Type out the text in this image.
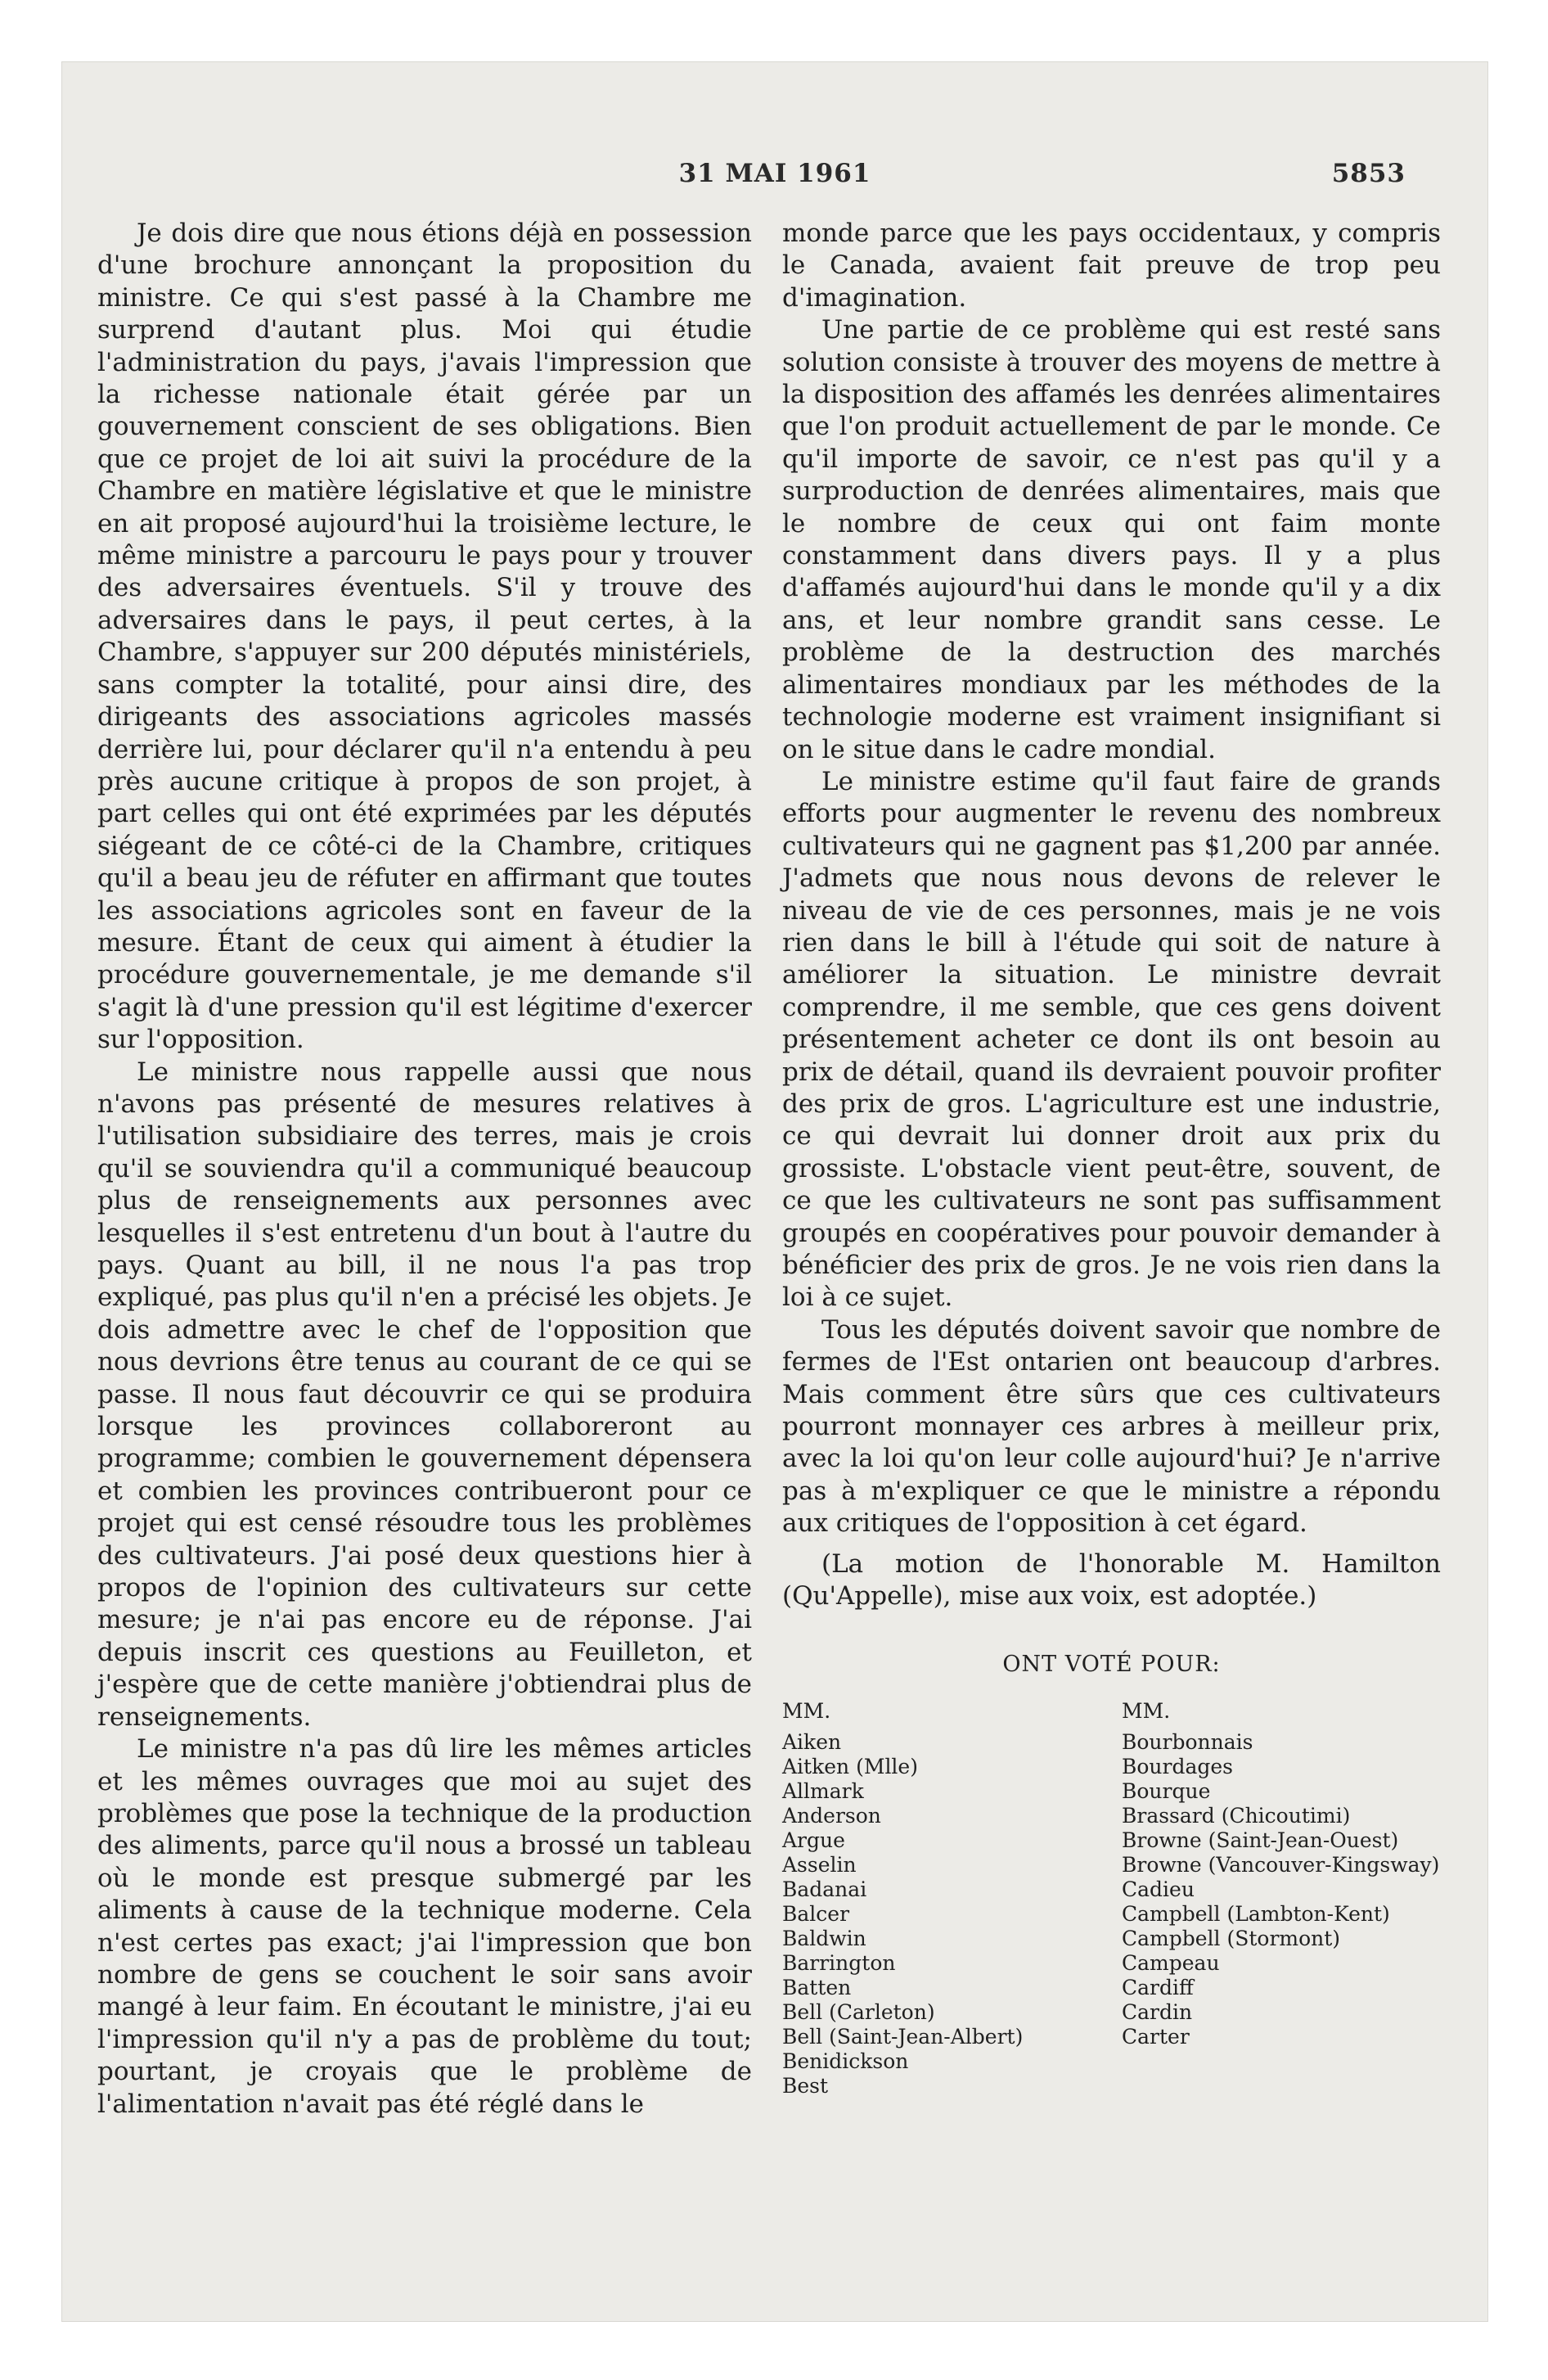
31 MAI 1961	5853

Je dois dire que nous étions déjà en possession d'une brochure annonçant la proposition du ministre. Ce qui s'est passé à la Chambre me surprend d'autant plus. Moi qui étudie l'administration du pays, j'avais l'impression que la richesse nationale était gérée par un gouvernement conscient de ses obligations. Bien que ce projet de loi ait suivi la procédure de la Chambre en matière législative et que le ministre en ait proposé aujourd'hui la troisième lecture, le même ministre a parcouru le pays pour y trouver des adversaires éventuels. S'il y trouve des adversaires dans le pays, il peut certes, à la Chambre, s'appuyer sur 200 députés ministériels, sans compter la totalité, pour ainsi dire, des dirigeants des associations agricoles massés derrière lui, pour déclarer qu'il n'a entendu à peu près aucune critique à propos de son projet, à part celles qui ont été exprimées par les députés siégeant de ce côté-ci de la Chambre, critiques qu'il a beau jeu de réfuter en affirmant que toutes les associations agricoles sont en faveur de la mesure. Étant de ceux qui aiment à étudier la procédure gouvernementale, je me demande s'il s'agit là d'une pression qu'il est légitime d'exercer sur l'opposition.

Le ministre nous rappelle aussi que nous n'avons pas présenté de mesures relatives à l'utilisation subsidiaire des terres, mais je crois qu'il se souviendra qu'il a communiqué beaucoup plus de renseignements aux personnes avec lesquelles il s'est entretenu d'un bout à l'autre du pays. Quant au bill, il ne nous l'a pas trop expliqué, pas plus qu'il n'en a précisé les objets. Je dois admettre avec le chef de l'opposition que nous devrions être tenus au courant de ce qui se passe. Il nous faut découvrir ce qui se produira lorsque les provinces collaboreront au programme; combien le gouvernement dépensera et combien les provinces contribueront pour ce projet qui est censé résoudre tous les problèmes des cultivateurs. J'ai posé deux questions hier à propos de l'opinion des cultivateurs sur cette mesure; je n'ai pas encore eu de réponse. J'ai depuis inscrit ces questions au Feuilleton, et j'espère que de cette manière j'obtiendrai plus de renseignements.

Le ministre n'a pas dû lire les mêmes articles et les mêmes ouvrages que moi au sujet des problèmes que pose la technique de la production des aliments, parce qu'il nous a brossé un tableau où le monde est presque submergé par les aliments à cause de la technique moderne. Cela n'est certes pas exact; j'ai l'impression que bon nombre de gens se couchent le soir sans avoir mangé à leur faim. En écoutant le ministre, j'ai eu l'impression qu'il n'y a pas de problème du tout; pourtant, je croyais que le problème de l'alimentation n'avait pas été réglé dans le

monde parce que les pays occidentaux, y compris le Canada, avaient fait preuve de trop peu d'imagination.

Une partie de ce problème qui est resté sans solution consiste à trouver des moyens de mettre à la disposition des affamés les denrées alimentaires que l'on produit actuellement de par le monde. Ce qu'il importe de savoir, ce n'est pas qu'il y a surproduction de denrées alimentaires, mais que le nombre de ceux qui ont faim monte constamment dans divers pays. Il y a plus d'affamés aujourd'hui dans le monde qu'il y a dix ans, et leur nombre grandit sans cesse. Le problème de la destruction des marchés alimentaires mondiaux par les méthodes de la technologie moderne est vraiment insignifiant si on le situe dans le cadre mondial.

Le ministre estime qu'il faut faire de grands efforts pour augmenter le revenu des nombreux cultivateurs qui ne gagnent pas $1,200 par année. J'admets que nous nous devons de relever le niveau de vie de ces personnes, mais je ne vois rien dans le bill à l'étude qui soit de nature à améliorer la situation. Le ministre devrait comprendre, il me semble, que ces gens doivent présentement acheter ce dont ils ont besoin au prix de détail, quand ils devraient pouvoir profiter des prix de gros. L'agriculture est une industrie, ce qui devrait lui donner droit aux prix du grossiste. L'obstacle vient peut-être, souvent, de ce que les cultivateurs ne sont pas suffisamment groupés en coopératives pour pouvoir demander à bénéficier des prix de gros. Je ne vois rien dans la loi à ce sujet.

Tous les députés doivent savoir que nombre de fermes de l'Est ontarien ont beaucoup d'arbres. Mais comment être sûrs que ces cultivateurs pourront monnayer ces arbres à meilleur prix, avec la loi qu'on leur colle aujourd'hui? Je n'arrive pas à m'expliquer ce que le ministre a répondu aux critiques de l'opposition à cet égard.

(La motion de l'honorable M. Hamilton (Qu'Appelle), mise aux voix, est adoptée.)

ONT VOTÉ POUR:

MM.
Aiken
Aitken (Mlle)
Allmark
Anderson
Argue
Asselin
Badanai
Balcer
Baldwin
Barrington
Batten
Bell (Carleton)
Bell (Saint-Jean-Albert)
Benidickson
Best
MM.
Bourbonnais
Bourdages
Bourque
Brassard (Chicoutimi)
Browne (Saint-Jean-Ouest)
Browne (Vancouver-Kingsway)
Cadieu
Campbell (Lambton-Kent)
Campbell (Stormont)
Campeau
Cardiff
Cardin
Carter
